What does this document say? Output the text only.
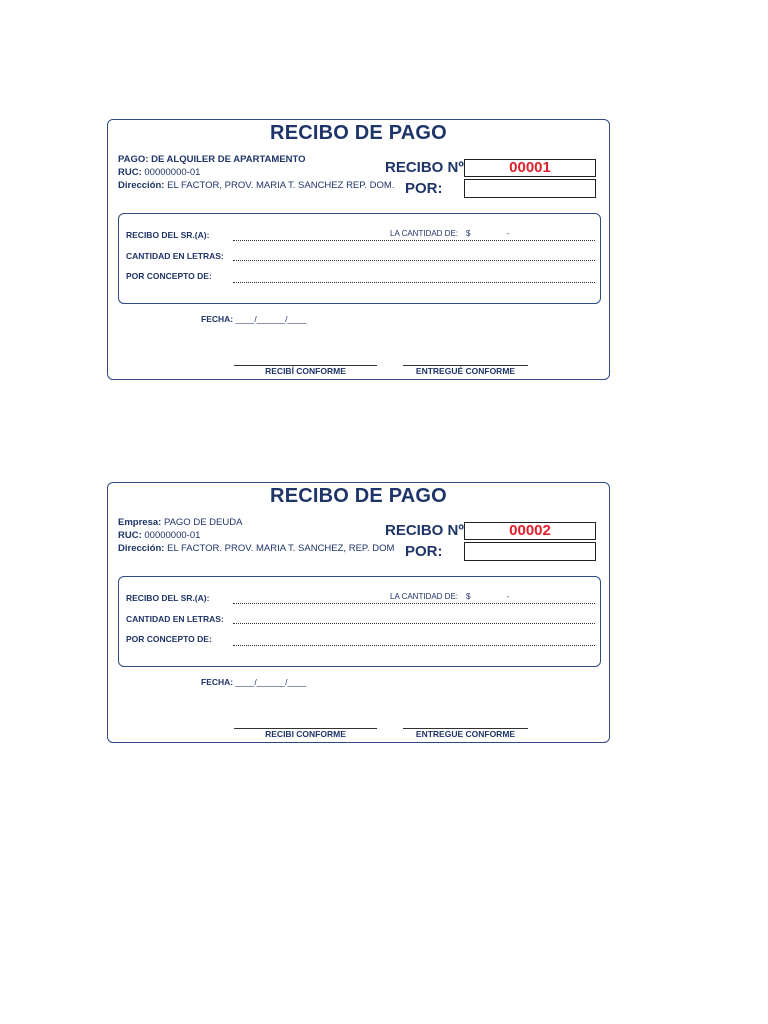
RECIBO DE PAGO
PAGO: DE ALQUILER DE APARTAMENTO
RUC: 00000000-01
Dirección: EL FACTOR, PROV. MARIA T. SANCHEZ REP. DOM.
RECIBO Nº	00001
POR:
RECIBO DEL SR.(A):	LA CANTIDAD DE: $	-
CANTIDAD EN LETRAS:
POR CONCEPTO DE:
FECHA: ____/______/____
RECIBÍ CONFORME	ENTREGUÉ CONFORME
RECIBO DE PAGO
Empresa: PAGO DE DEUDA
RUC: 00000000-01
Dirección: EL FACTOR. PROV. MARIA T. SANCHEZ, REP. DOM
RECIBO Nº	00002
POR:
RECIBO DEL SR.(A):	LA CANTIDAD DE: $	-
CANTIDAD EN LETRAS:
POR CONCEPTO DE:
FECHA: ____/______/____
RECIBI CONFORME	ENTREGUE CONFORME
